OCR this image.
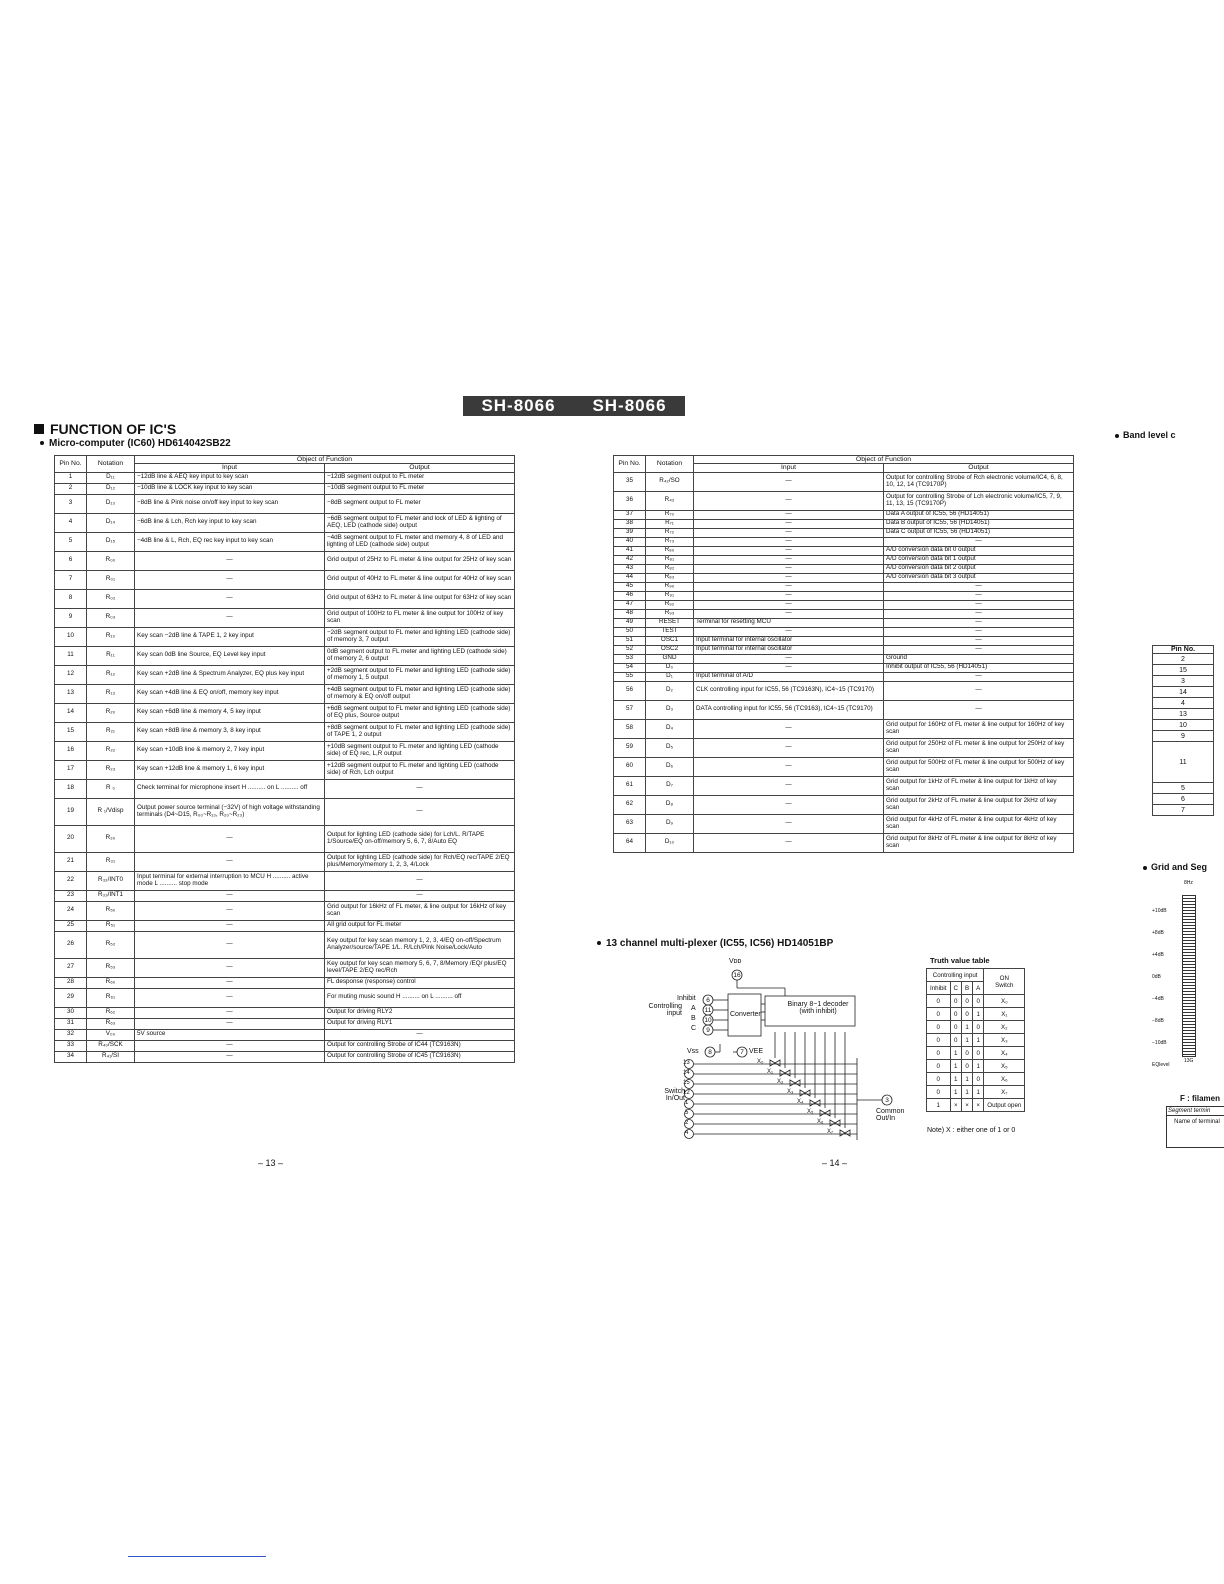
SH-8066 SH-8066
FUNCTION OF IC'S
Micro-computer (IC60) HD614042SB22
Pin No.	Notation	Object of Function	
		Input	Output
1	D₁₁	−12dB line & AEQ key input to key scan	−12dB segment output to FL meter
2	D₁₂	−10dB line & LOCK key input to key scan	−10dB segment output to FL meter
3	D₁₃	−8dB line & Pink noise on/off key input to key scan	−8dB segment output to FL meter
4	D₁₄	−6dB line & Lch, Rch key input to key scan	−6dB segment output to FL meter and lock of LED & lighting of AEQ, LED (cathode side) output
5	D₁₅	−4dB line & L, Rch, EQ rec key input to key scan	−4dB segment output to FL meter and memory 4, 8 of LED and lighting of LED (cathode side) output
6	R₀₀	—	Grid output of 25Hz to FL meter & line output for 25Hz of key scan
7	R₀₁	—	Grid output of 40Hz to FL meter & line output for 40Hz of key scan
8	R₀₂	—	Grid output of 63Hz to FL meter & line output for 63Hz of key scan
9	R₀₃	—	Grid output of 100Hz to FL meter & line output for 100Hz of key scan
10	R₁₀	Key scan −2dB line & TAPE 1, 2 key input	−2dB segment output to FL meter and lighting LED (cathode side) of memory 3, 7 output
11	R₁₁	Key scan 0dB line Source, EQ Level key input	0dB segment output to FL meter and lighting LED (cathode side) of memory 2, 6 output
12	R₁₂	Key scan +2dB line & Spectrum Analyzer, EQ plus key input	+2dB segment output to FL meter and lighting LED (cathode side) of memory 1, 5 output
13	R₁₃	Key scan +4dB line & EQ on/off, memory key input	+4dB segment output to FL meter and lighting LED (cathode side) of memory & EQ on/off output
14	R₂₀	Key scan +6dB line & memory 4, 5 key input	+6dB segment output to FL meter and lighting LED (cathode side) of EQ plus, Source output
15	R₂₁	Key scan +8dB line & memory 3, 8 key input	+8dB segment output to FL meter and lighting LED (cathode side) of TAPE 1, 2 output
16	R₂₂	Key scan +10dB line & memory 2, 7 key input	+10dB segment output to FL meter and lighting LED (cathode side) of EQ rec, L,R output
17	R₂₃	Key scan +12dB line & memory 1, 6 key input	+12dB segment output to FL meter and lighting LED (cathode side) of Rch, Lch output
18	R ₀	Check terminal for microphone insert H .......... on L .......... off	—
19	R ₁/Vdisp	Output power source terminal (−32V) of high voltage withstanding terminals (D4~D15, R₀₀~R₁₃, R₂₀~R₂₃)	—
20	R₃₀	—	Output for lighting LED (cathode side) for Lch/L. R/TAPE 1/Source/EQ on-off/memory 5, 6, 7, 8/Auto EQ
21	R₃₁	—	Output for lighting LED (cathode side) for Rch/EQ rec/TAPE 2/EQ plus/Memory/memory 1, 2, 3, 4/Lock
22	R₃₂/INT0	Input terminal for external interruption to MCU H .......... active mode L .......... stop mode	—
23	R₃₃/INT1	—	—
24	R₅₀	—	Grid output for 16kHz of FL meter, & line output for 16kHz of key scan
25	R₅₁	—	All grid output for FL meter
26	R₅₂	—	Key output for key scan memory 1, 2, 3, 4/EQ on-off/Spectrum Analyzer/source/TAPE 1/L. R/Lch/Pink Noise/Lock/Auto
27	R₅₃	—	Key output for key scan memory 5, 6, 7, 8/Memory /EQ/ plus/EQ level/TAPE 2/EQ rec/Rch
28	R₆₀	—	FL desponse (response) control
29	R₆₁	—	For muting music sound H .......... on L .......... off
30	R₆₂	—	Output for driving RLY2
31	R₆₃	—	Output for driving RLY1
32	V₀₀	5V source	—
33	R₄₀/SCK	—	Output for controlling Strobe of IC44 (TC9163N)
34	R₄₁/SI	—	Output for controlling Strobe of IC45 (TC9163N)
– 13 –
Pin No.	Notation	Object of Function	
		Input	Output
35	R₄₂/SO	—	Output for controlling Strobe of Rch electronic volume/IC4, 6, 8, 10, 12, 14 (TC9170P)
36	R₄₃	—	Output for controlling Strobe of Lch electronic volume/IC5, 7, 9, 11, 13, 15 (TC9170P)
37	R₇₀	—	Data A output of IC55, 56 (HD14051)
38	R₇₁	—	Data B output of IC55, 56 (HD14051)
39	R₇₂	—	Data C output of IC55, 56 (HD14051)
40	R₇₃	—	—
41	R₈₀	—	A/D conversion data bit 0 output
42	R₈₁	—	A/D conversion data bit 1 output
43	R₈₂	—	A/D conversion data bit 2 output
44	R₈₃	—	A/D conversion data bit 3 output
45	R₉₀	—	—
46	R₉₁	—	—
47	R₉₂	—	—
48	R₉₃	—	—
49	RESET	Terminal for resetting MCU	—
50	TEST	—	—
51	OSC1	Input terminal for internal oscillator	—
52	OSC2	Input terminal for internal oscillator	—
53	GND	—	Ground
54	D₀	—	Inhibit output of IC55, 56 (HD14051)
55	D₁	Input terminal of A/D	—
56	D₂	CLK controlling input for IC55, 56 (TC9163N), IC4~15 (TC9170)	—
57	D₃	DATA controlling input for IC55, 56 (TC9163), IC4~15 (TC9170)	—
58	D₄	—	Grid output for 160Hz of FL meter & line output for 160Hz of key scan
59	D₅	—	Grid output for 250Hz of FL meter & line output for 250Hz of key scan
60	D₆	—	Grid output for 500Hz of FL meter & line output for 500Hz of key scan
61	D₇	—	Grid output for 1kHz of FL meter & line output for 1kHz of key scan
62	D₈	—	Grid output for 2kHz of FL meter & line output for 2kHz of key scan
63	D₉	—	Grid output for 4kHz of FL meter & line output for 4kHz of key scan
64	D₁₀	—	Grid output for 8kHz of FL meter & line output for 8kHz of key scan
13 channel multi-plexer (IC55, IC56) HD14051BP
16
6
11
10
9
8	7
3
Vᴅᴅ
Controlling input
Inhibit
A
B
C
Converter
Binary 8−1 decoder (with inhibit)
Vss	VEE
Switch In/Out
Common Out/In
13
14
15
12
1
5
2
4
X₀
X₁
X₂
X₃
X₄
X₅
X₆
X₇
Truth value table
Controlling input				ON
Switch
Inhibit	C	B	A	
0	0	0	0	X₀
0	0	0	1	X₁
0	0	1	0	X₂
0	0	1	1	X₃
0	1	0	0	X₄
0	1	0	1	X₅
0	1	1	0	X₆
0	1	1	1	X₇
1	×	×	×	Output open
Note) X : either one of 1 or 0
– 14 –
Band level c
Pin No.
2
15
3
14
4
13
10
9
11
5
6
7
Grid and Seg
8Hz
+10dB
+8dB
+4dB
0dB
−4dB
−8dB
−10dB
EQlevel
13G
F : filamen
Segment termin
Name of terminal
